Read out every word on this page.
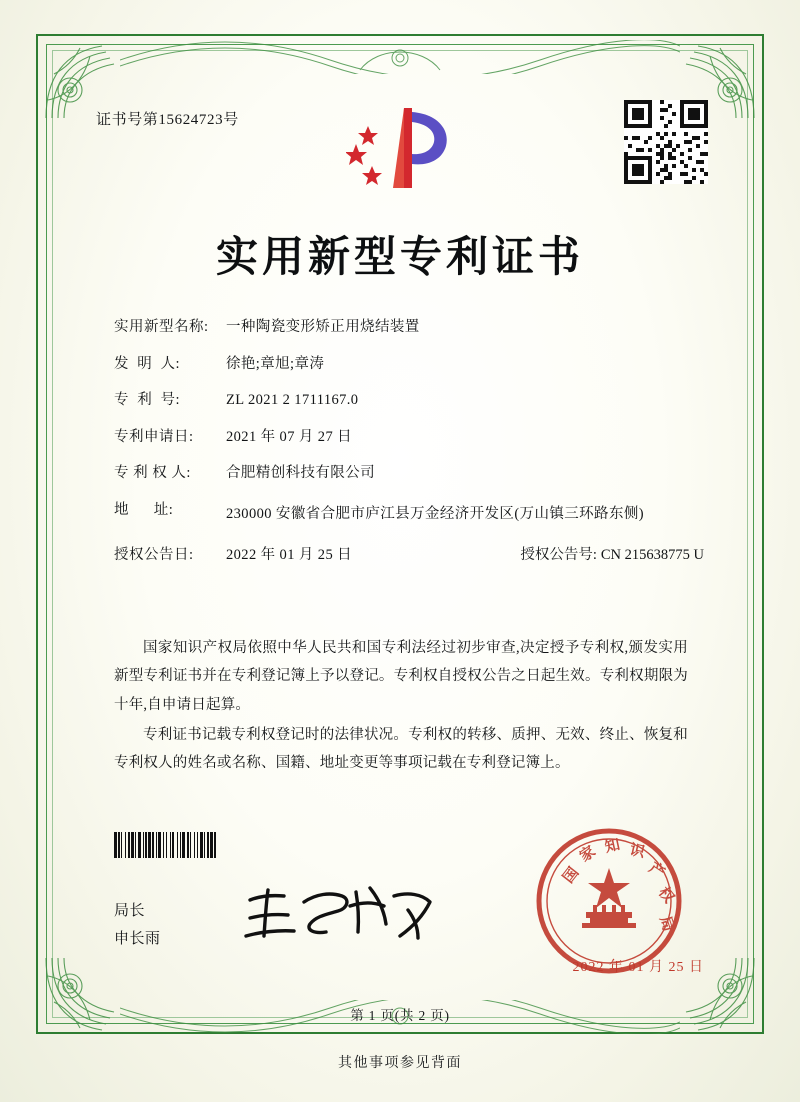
证书号第15624723号
实用新型专利证书
实用新型名称:	一种陶瓷变形矫正用烧结装置
发  明  人:	徐艳;章旭;章涛
专  利  号:	ZL 2021 2 1711167.0
专利申请日:	2021 年 07 月 27 日
专 利 权 人:	合肥精创科技有限公司
地      址:	230000 安徽省合肥市庐江县万金经济开发区(万山镇三环路东侧)
授权公告日:	2022 年 01 月 25 日	授权公告号: CN 215638775 U

国家知识产权局依照中华人民共和国专利法经过初步审查,决定授予专利权,颁发实用新型专利证书并在专利登记簿上予以登记。专利权自授权公告之日起生效。专利权期限为十年,自申请日起算。

专利证书记载专利权登记时的法律状况。专利权的转移、质押、无效、终止、恢复和专利权人的姓名或名称、国籍、地址变更等事项记载在专利登记簿上。

局长
申长雨
国
家 知 识
产
权
局
2022 年 01 月 25 日
第 1 页(共 2 页)
其他事项参见背面
